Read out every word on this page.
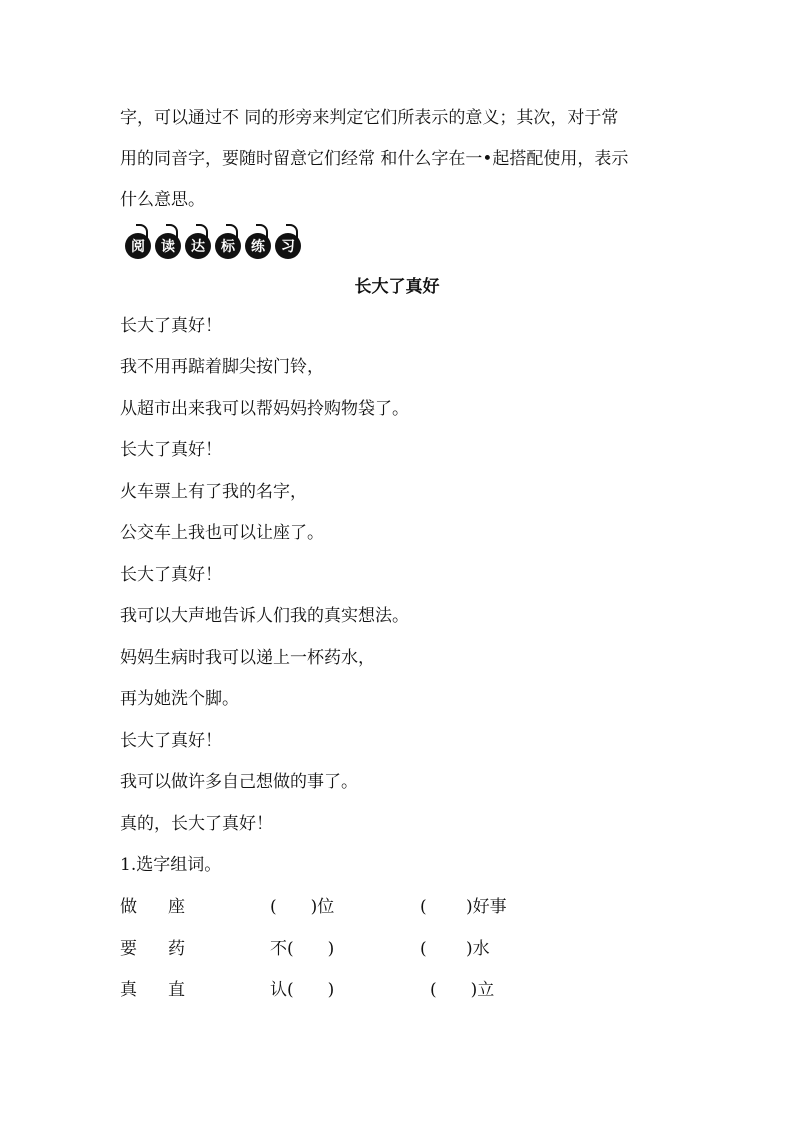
字，可以通过不 同的形旁来判定它们所表示的意义；其次，对于常
用的同音字，要随时留意它们经常 和什么字在一•起搭配使用，表示
什么意思。
阅	读	达	标	练	习
长大了真好
长大了真好！
我不用再踮着脚尖按门铃，
从超市出来我可以帮妈妈拎购物袋了。
长大了真好！
火车票上有了我的名字，
公交车上我也可以让座了。
长大了真好！
我可以大声地告诉人们我的真实想法。
妈妈生病时我可以递上一杯药水，
再为她洗个脚。
长大了真好！
我可以做许多自己想做的事了。
真的，长大了真好！
1.选字组词。
做 座	(　　)位	(　　 )好事
要 药	不(　　)	(　　 )水
真 直	认(　　)	(　　)立
